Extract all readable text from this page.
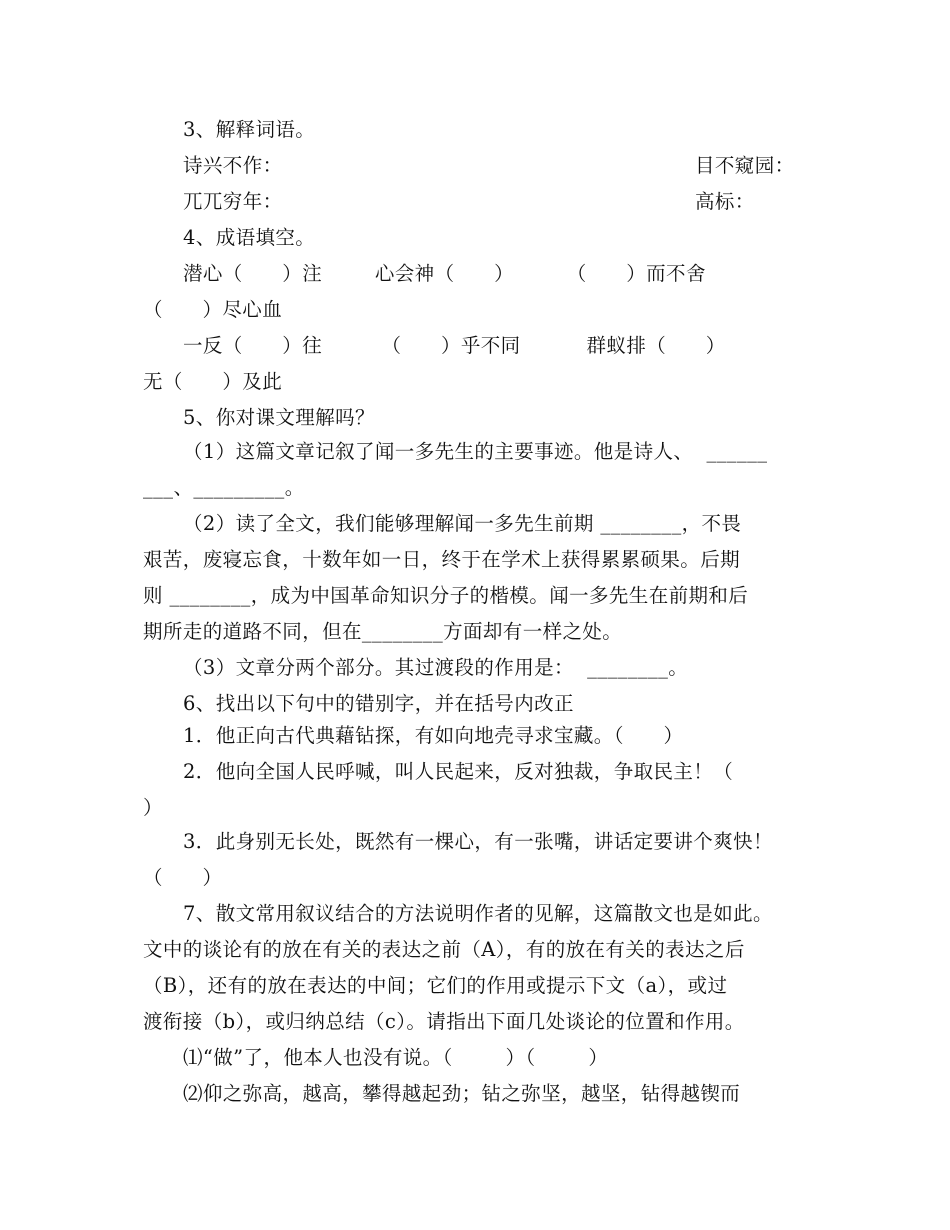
3、解释词语。
诗兴不作：	目不窥园：
兀兀穷年：	高标：
4、成语填空。
潜心（      ）注        心会神（      ）        （      ）而不舍
（      ）尽心血
一反（      ）往         （      ）乎不同          群蚁排（      ）
无（      ）及此
5、你对课文理解吗？
（1）这篇文章记叙了闻一多先生的主要事迹。他是诗人、  ______
___、_________。
（2）读了全文，我们能够理解闻一多先生前期 ________，不畏
艰苦，废寝忘食，十数年如一日，终于在学术上获得累累硕果。后期
则 ________，成为中国革命知识分子的楷模。闻一多先生在前期和后
期所走的道路不同，但在________方面却有一样之处。
（3）文章分两个部分。其过渡段的作用是：  ________。
6、找出以下句中的错别字，并在括号内改正
1．他正向古代典藉钻探，有如向地壳寻求宝藏。（      ）
2．他向全国人民呼喊，叫人民起来，反对独裁，争取民主！（
）
3．此身别无长处，既然有一棵心，有一张嘴，讲话定要讲个爽快！
（      ）
7、散文常用叙议结合的方法说明作者的见解，这篇散文也是如此。
文中的谈论有的放在有关的表达之前（A），有的放在有关的表达之后
（B），还有的放在表达的中间；它们的作用或提示下文（a），或过
渡衔接（b），或归纳总结（c）。请指出下面几处谈论的位置和作用。
⑴“做”了，他本人也没有说。（        ）（        ）
⑵仰之弥高，越高，攀得越起劲；钻之弥坚，越坚，钻得越锲而
